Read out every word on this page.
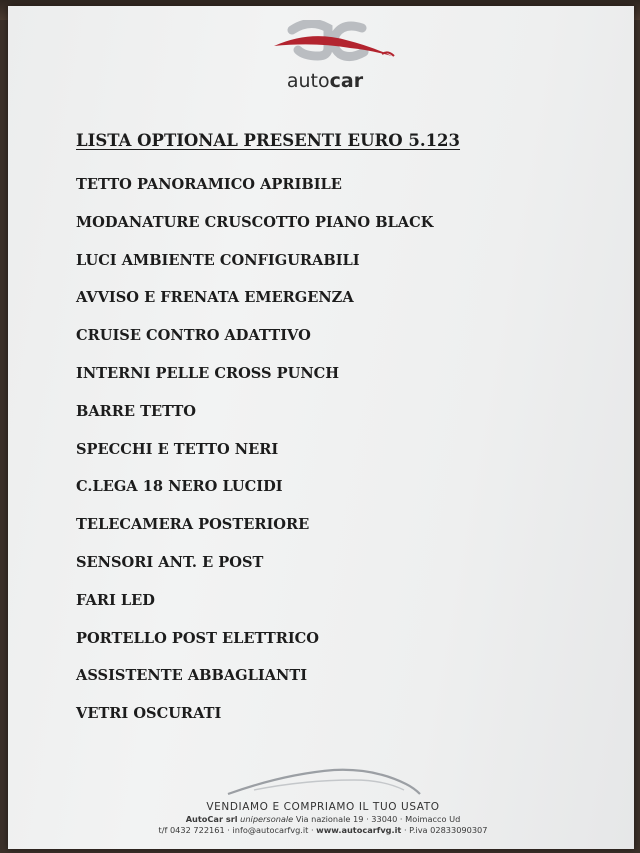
autocar
LISTA OPTIONAL PRESENTI EURO 5.123
TETTO PANORAMICO APRIBILE
MODANATURE CRUSCOTTO PIANO BLACK
LUCI AMBIENTE CONFIGURABILI
AVVISO E FRENATA EMERGENZA
CRUISE CONTRO ADATTIVO
INTERNI PELLE CROSS PUNCH
BARRE TETTO
SPECCHI E TETTO NERI
C.LEGA 18 NERO LUCIDI
TELECAMERA POSTERIORE
SENSORI ANT. E POST
FARI LED
PORTELLO POST ELETTRICO
ASSISTENTE ABBAGLIANTI
VETRI OSCURATI
VENDIAMO E COMPRIAMO IL TUO USATO
AutoCar srl unipersonale Via nazionale 19 · 33040 · Moimacco Ud
t/f 0432 722161 · info@autocarfvg.it · www.autocarfvg.it · P.iva 02833090307
